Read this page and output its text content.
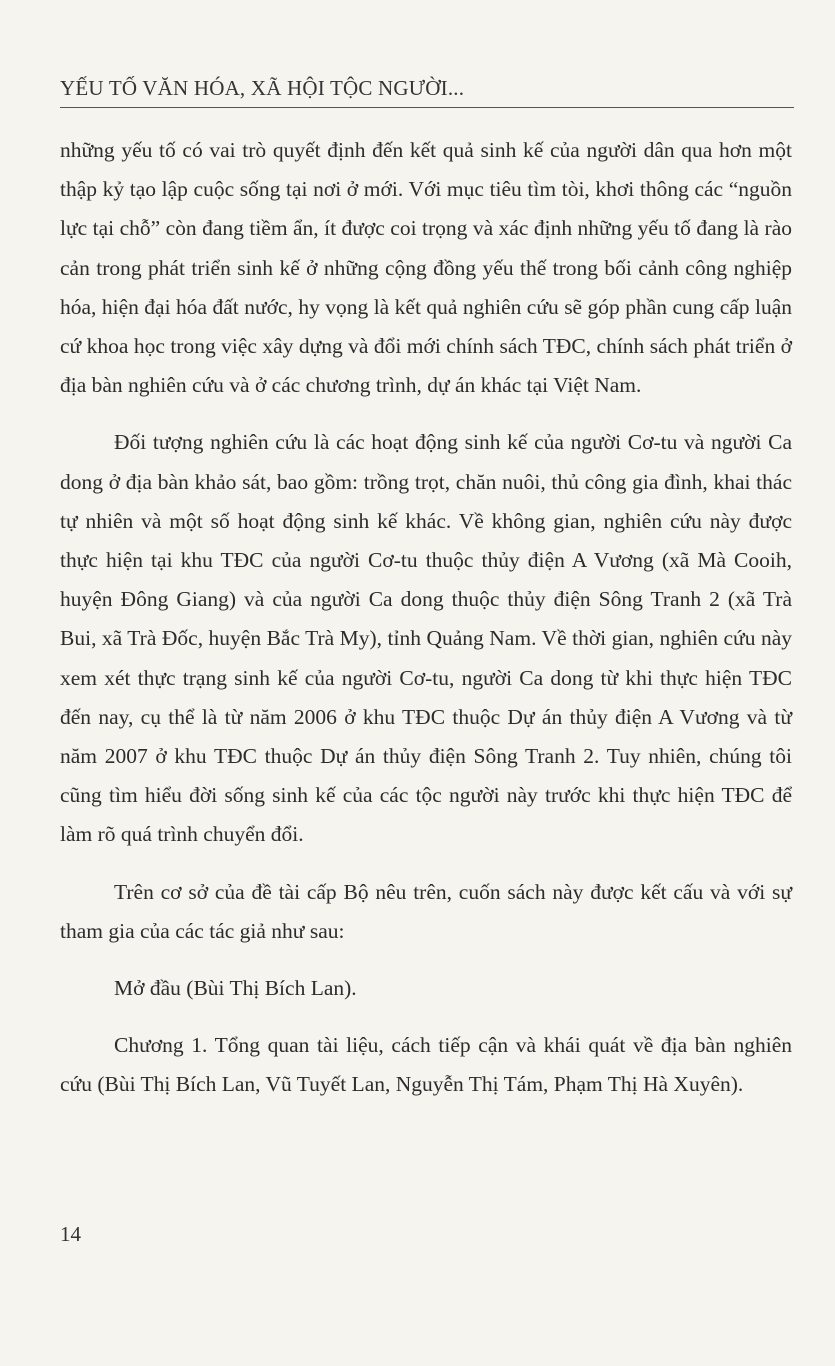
YẾU TỐ VĂN HÓA, XÃ HỘI TỘC NGƯỜI...

những yếu tố có vai trò quyết định đến kết quả sinh kế của người dân qua hơn một thập kỷ tạo lập cuộc sống tại nơi ở mới. Với mục tiêu tìm tòi, khơi thông các “nguồn lực tại chỗ” còn đang tiềm ẩn, ít được coi trọng và xác định những yếu tố đang là rào cản trong phát triển sinh kế ở những cộng đồng yếu thế trong bối cảnh công nghiệp hóa, hiện đại hóa đất nước, hy vọng là kết quả nghiên cứu sẽ góp phần cung cấp luận cứ khoa học trong việc xây dựng và đổi mới chính sách TĐC, chính sách phát triển ở địa bàn nghiên cứu và ở các chương trình, dự án khác tại Việt Nam.

Đối tượng nghiên cứu là các hoạt động sinh kế của người Cơ-tu và người Ca dong ở địa bàn khảo sát, bao gồm: trồng trọt, chăn nuôi, thủ công gia đình, khai thác tự nhiên và một số hoạt động sinh kế khác. Về không gian, nghiên cứu này được thực hiện tại khu TĐC của người Cơ-tu thuộc thủy điện A Vương (xã Mà Cooih, huyện Đông Giang) và của người Ca dong thuộc thủy điện Sông Tranh 2 (xã Trà Bui, xã Trà Đốc, huyện Bắc Trà My), tỉnh Quảng Nam. Về thời gian, nghiên cứu này xem xét thực trạng sinh kế của người Cơ-tu, người Ca dong từ khi thực hiện TĐC đến nay, cụ thể là từ năm 2006 ở khu TĐC thuộc Dự án thủy điện A Vương và từ năm 2007 ở khu TĐC thuộc Dự án thủy điện Sông Tranh 2. Tuy nhiên, chúng tôi cũng tìm hiểu đời sống sinh kế của các tộc người này trước khi thực hiện TĐC để làm rõ quá trình chuyển đổi.

Trên cơ sở của đề tài cấp Bộ nêu trên, cuốn sách này được kết cấu và với sự tham gia của các tác giả như sau:

Mở đầu (Bùi Thị Bích Lan).

Chương 1. Tổng quan tài liệu, cách tiếp cận và khái quát về địa bàn nghiên cứu (Bùi Thị Bích Lan, Vũ Tuyết Lan, Nguyễn Thị Tám, Phạm Thị Hà Xuyên).

14
